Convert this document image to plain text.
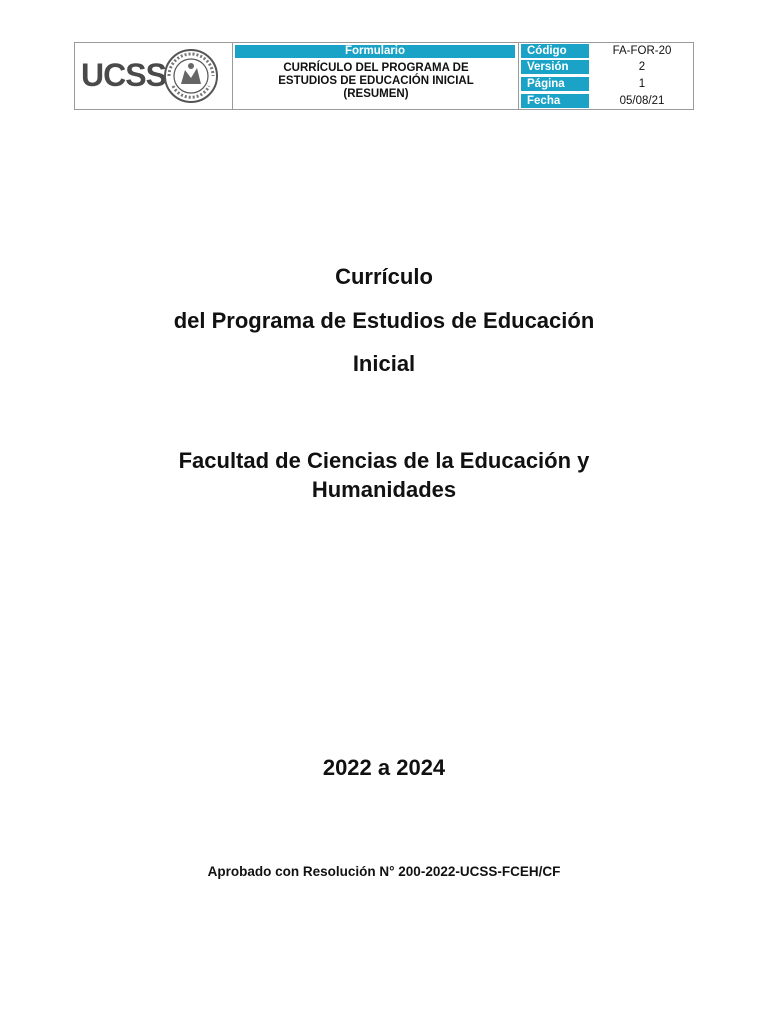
UCSS
Formulario
CURRÍCULO DEL PROGRAMA DE
ESTUDIOS DE EDUCACIÓN INICIAL
(RESUMEN)
Código	FA-FOR-20
Versión	2
Página	1
Fecha	05/08/21
Currículo
del Programa de Estudios de Educación
Inicial
Facultad de Ciencias de la Educación y
Humanidades
2022 a 2024
Aprobado con Resolución N° 200-2022-UCSS-FCEH/CF
